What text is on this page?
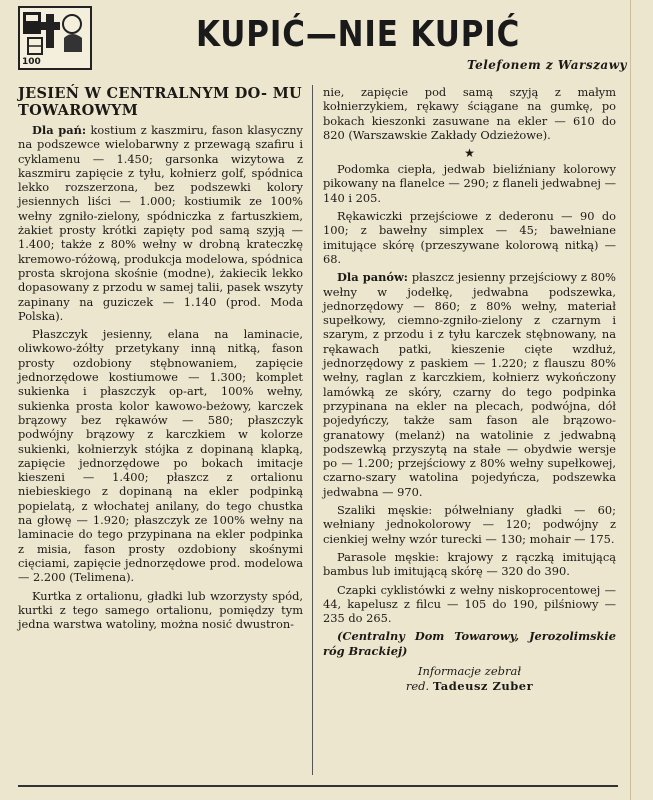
100
KUPIĆ—NIE KUPIĆ
Telefonem z Warszawy
JESIEŃ W CENTRALNYM DO- MU TOWAROWYM

Dla pań: kostium z kaszmiru, fason klasyczny na podszewce wielobarwny z przewagą szafiru i cyklamenu — 1.450; garsonka wizytowa z kaszmiru zapięcie z tyłu, kołnierz golf, spódnica lekko rozszerzona, bez podszewki kolory jesiennych liści — 1.000; kostiumik ze 100% wełny zgniło-zielony, spódniczka z fartuszkiem, żakiet prosty krótki zapięty pod samą szyją — 1.400; także z 80% wełny w drobną krateczkę kremowo-różową, produkcja modelowa, spódnica prosta skrojona skośnie (modne), żakiecik lekko dopasowany z przodu w samej talii, pasek wszyty zapinany na guziczek — 1.140 (prod. Moda Polska).

Płaszczyk jesienny, elana na laminacie, oliwkowo-żółty przetykany inną nitką, fason prosty ozdobiony stębnowaniem, zapięcie jednorzędowe kostiumowe — 1.300; komplet sukienka i płaszczyk op-art, 100% wełny, sukienka prosta kolor kawowo-beżowy, karczek brązowy bez rękawów — 580; płaszczyk podwójny brązowy z karczkiem w kolorze sukienki, kołnierzyk stójka z dopinaną klapką, zapięcie jednorzędowe po bokach imitacje kieszeni — 1.400; płaszcz z ortalionu niebieskiego z dopinaną na ekler podpinką popielatą, z włochatej anilany, do tego chustka na głowę — 1.920; płaszczyk ze 100% wełny na laminacie do tego przypinana na ekler podpinka z misia, fason prosty ozdobiony skośnymi cięciami, zapięcie jednorzędowe prod. modelowa — 2.200 (Telimena).

Kurtka z ortalionu, gładki lub wzorzysty spód, kurtki z tego samego ortalionu, pomiędzy tym jedna warstwa watoliny, można nosić dwustron-

nie, zapięcie pod samą szyją z małym kołnierzykiem, rękawy ściągane na gumkę, po bokach kieszonki zasuwane na ekler — 610 do 820 (Warszawskie Zakłady Odzieżowe).

★

Podomka ciepła, jedwab bieliźniany kolorowy pikowany na flanelce — 290; z flaneli jedwabnej — 140 i 205.

Rękawiczki przejściowe z dederonu — 90 do 100; z bawełny simplex — 45; bawełniane imitujące skórę (przeszywane kolorową nitką) — 68.

Dla panów: płaszcz jesienny przejściowy z 80% wełny w jodełkę, jedwabna podszewka, jednorzędowy — 860; z 80% wełny, materiał supełkowy, ciemno-zgniło-zielony z czarnym i szarym, z przodu i z tyłu karczek stębnowany, na rękawach patki, kieszenie cięte wzdłuż, jednorzędowy z paskiem — 1.220; z flauszu 80% wełny, raglan z karczkiem, kołnierz wykończony lamówką ze skóry, czarny do tego podpinka przypinana na ekler na plecach, podwójna, dół pojedyńczy, także sam fason ale brązowo-granatowy (melanż) na watolinie z jedwabną podszewką przyszytą na stałe — obydwie wersje po — 1.200; przejściowy z 80% wełny supełkowej, czarno-szary watolina pojedyńcza, podszewka jedwabna — 970.

Szaliki męskie: półwełniany gładki — 60; wełniany jednokolorowy — 120; podwójny z cienkiej wełny wzór turecki — 130; mohair — 175.

Parasole męskie: krajowy z rączką imitującą bambus lub imitującą skórę — 320 do 390.

Czapki cyklistówki z wełny niskoprocentowej — 44, kapelusz z filcu — 105 do 190, pilśniowy — 235 do 265.

(Centralny Dom Towarowy, Jerozolimskie róg Brackiej)

Informacje zebrał
red. Tadeusz Zuber
